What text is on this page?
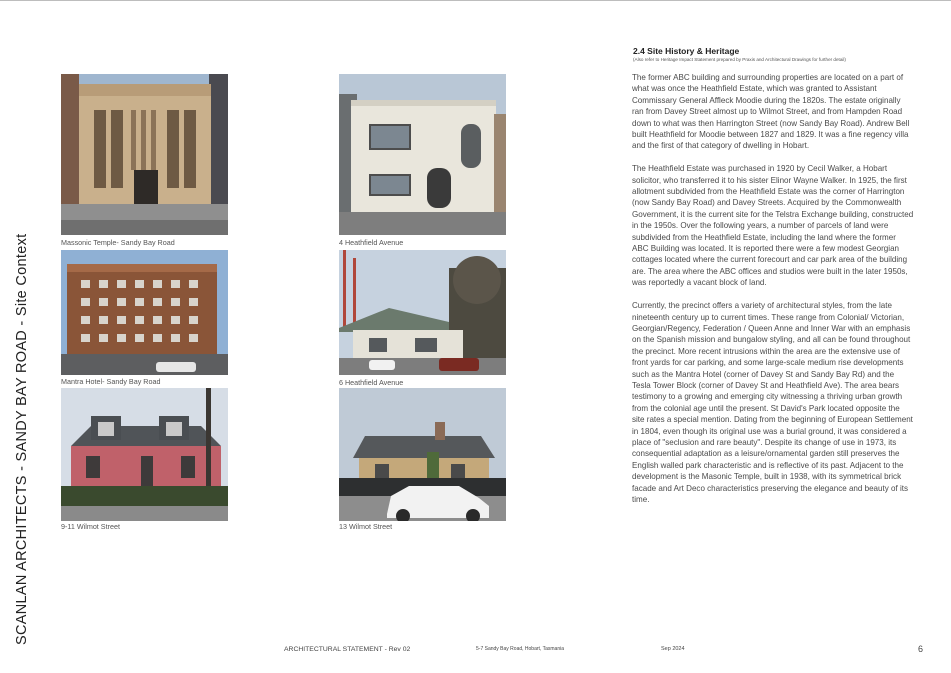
SCANLAN ARCHITECTS - SANDY BAY ROAD - Site Context	Massonic Temple- Sandy Bay Road	4 Heathfield Avenue
Mantra Hotel- Sandy Bay Road	6 Heathfield Avenue
9-11 Wilmot Street	13 Wilmot Street
2.4 Site History & Heritage
(Also refer to Heritage Impact Statement prepared by Praxis and Architectural Drawings for further detail)

The former ABC building and surrounding properties are located on a part of what was once the Heathfield Estate, which was granted to Assistant Commissary General Affleck Moodie during the 1820s. The estate originally ran from Davey Street almost up to Wilmot Street, and from Hampden Road down to what was then Harrington Street (now Sandy Bay Road). Andrew Bell built Heathfield for Moodie between 1827 and 1829. It was a fine regency villa and the first of that category of dwelling in Hobart.

The Heathfield Estate was purchased in 1920 by Cecil Walker, a Hobart solicitor, who transferred it to his sister Elinor Wayne Walker. In 1925, the first allotment subdivided from the Heathfield Estate was the corner of Harrington (now Sandy Bay Road) and Davey Streets. Acquired by the Commonwealth Government, it is the current site for the Telstra Exchange building, constructed in the 1950s. Over the following years, a number of parcels of land were subdivided from the Heathfield Estate, including the land where the former ABC Building was located. It is reported there were a few modest Georgian cottages located where the current forecourt and car park area of the building are. The area where the ABC offices and studios were built in the later 1950s, was reportedly a vacant block of land.

Currently, the precinct offers a variety of architectural styles, from the late nineteenth century up to current times. These range from Colonial/ Victorian, Georgian/Regency, Federation / Queen Anne and Inner War with an emphasis on the Spanish mission and bungalow styling, and all can be found throughout the precinct. More recent intrusions within the area are the extensive use of front yards for car parking, and some large-scale medium rise developments such as the Mantra Hotel (corner of Davey St and Sandy Bay Rd) and the Tesla Tower Block (corner of Davey St and Heathfield Ave). The area bears testimony to a growing and emerging city witnessing a thriving urban growth from the colonial age until the present. St David's Park located opposite the site rates a special mention. Dating from the beginning of European Settlement in 1804, even though its original use was a burial ground, it was considered a place of "seclusion and rare beauty". Despite its change of use in 1973, its consequential adaptation as a leisure/ornamental garden still preserves the English walled park characteristic and is reflective of its past. Adjacent to the development is the Masonic Temple, built in 1938, with its symmetrical brick facade and Art Deco characteristics preserving the elegance and beauty of its time.

ARCHITECTURAL STATEMENT - Rev 02	5-7 Sandy Bay Road, Hobart, Tasmania	Sep 2024	6
